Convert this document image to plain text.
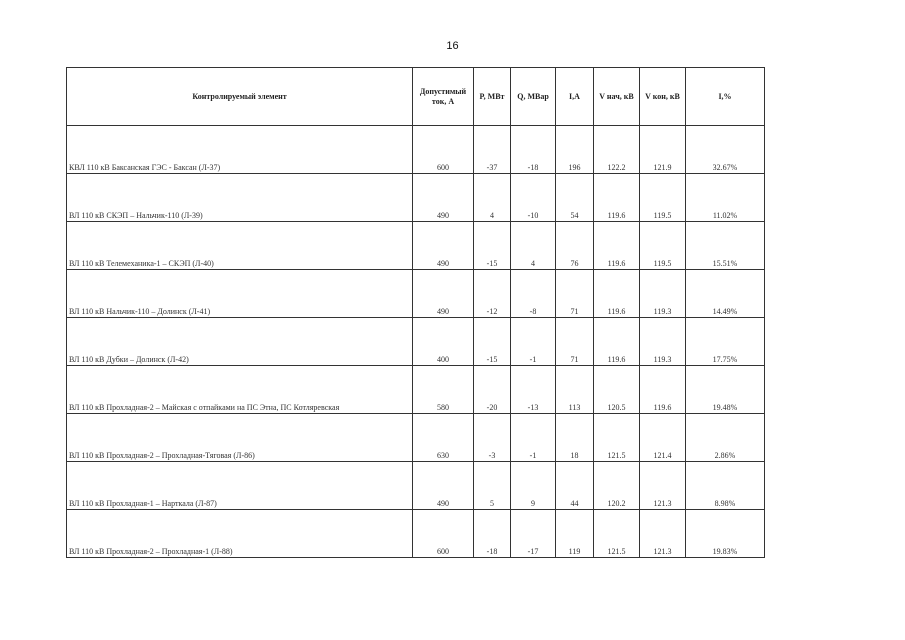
16
Контролируемый элемент	Допустимый ток, А	P, МВт	Q, МВар	I,A	V нач, кВ	V кон, кВ	I,%
КВЛ 110 кВ Баксанская ГЭС - Баксан (Л-37)	600	-37	-18	196	122.2	121.9	32.67%
ВЛ 110 кВ СКЭП – Нальчик-110 (Л-39)	490	4	-10	54	119.6	119.5	11.02%
ВЛ 110 кВ Телемеханика-1 – СКЭП (Л-40)	490	-15	4	76	119.6	119.5	15.51%
ВЛ 110 кВ Нальчик-110 – Долинск (Л-41)	490	-12	-8	71	119.6	119.3	14.49%
ВЛ 110 кВ Дубки – Долинск (Л-42)	400	-15	-1	71	119.6	119.3	17.75%
ВЛ 110 кВ Прохладная-2 – Майская с отпайками на ПС Этна, ПС Котляревская	580	-20	-13	113	120.5	119.6	19.48%
ВЛ 110 кВ Прохладная-2 – Прохладная-Тяговая (Л-86)	630	-3	-1	18	121.5	121.4	2.86%
ВЛ 110 кВ Прохладная-1 – Нарткала (Л-87)	490	5	9	44	120.2	121.3	8.98%
ВЛ 110 кВ Прохладная-2 – Прохладная-1 (Л-88)	600	-18	-17	119	121.5	121.3	19.83%
